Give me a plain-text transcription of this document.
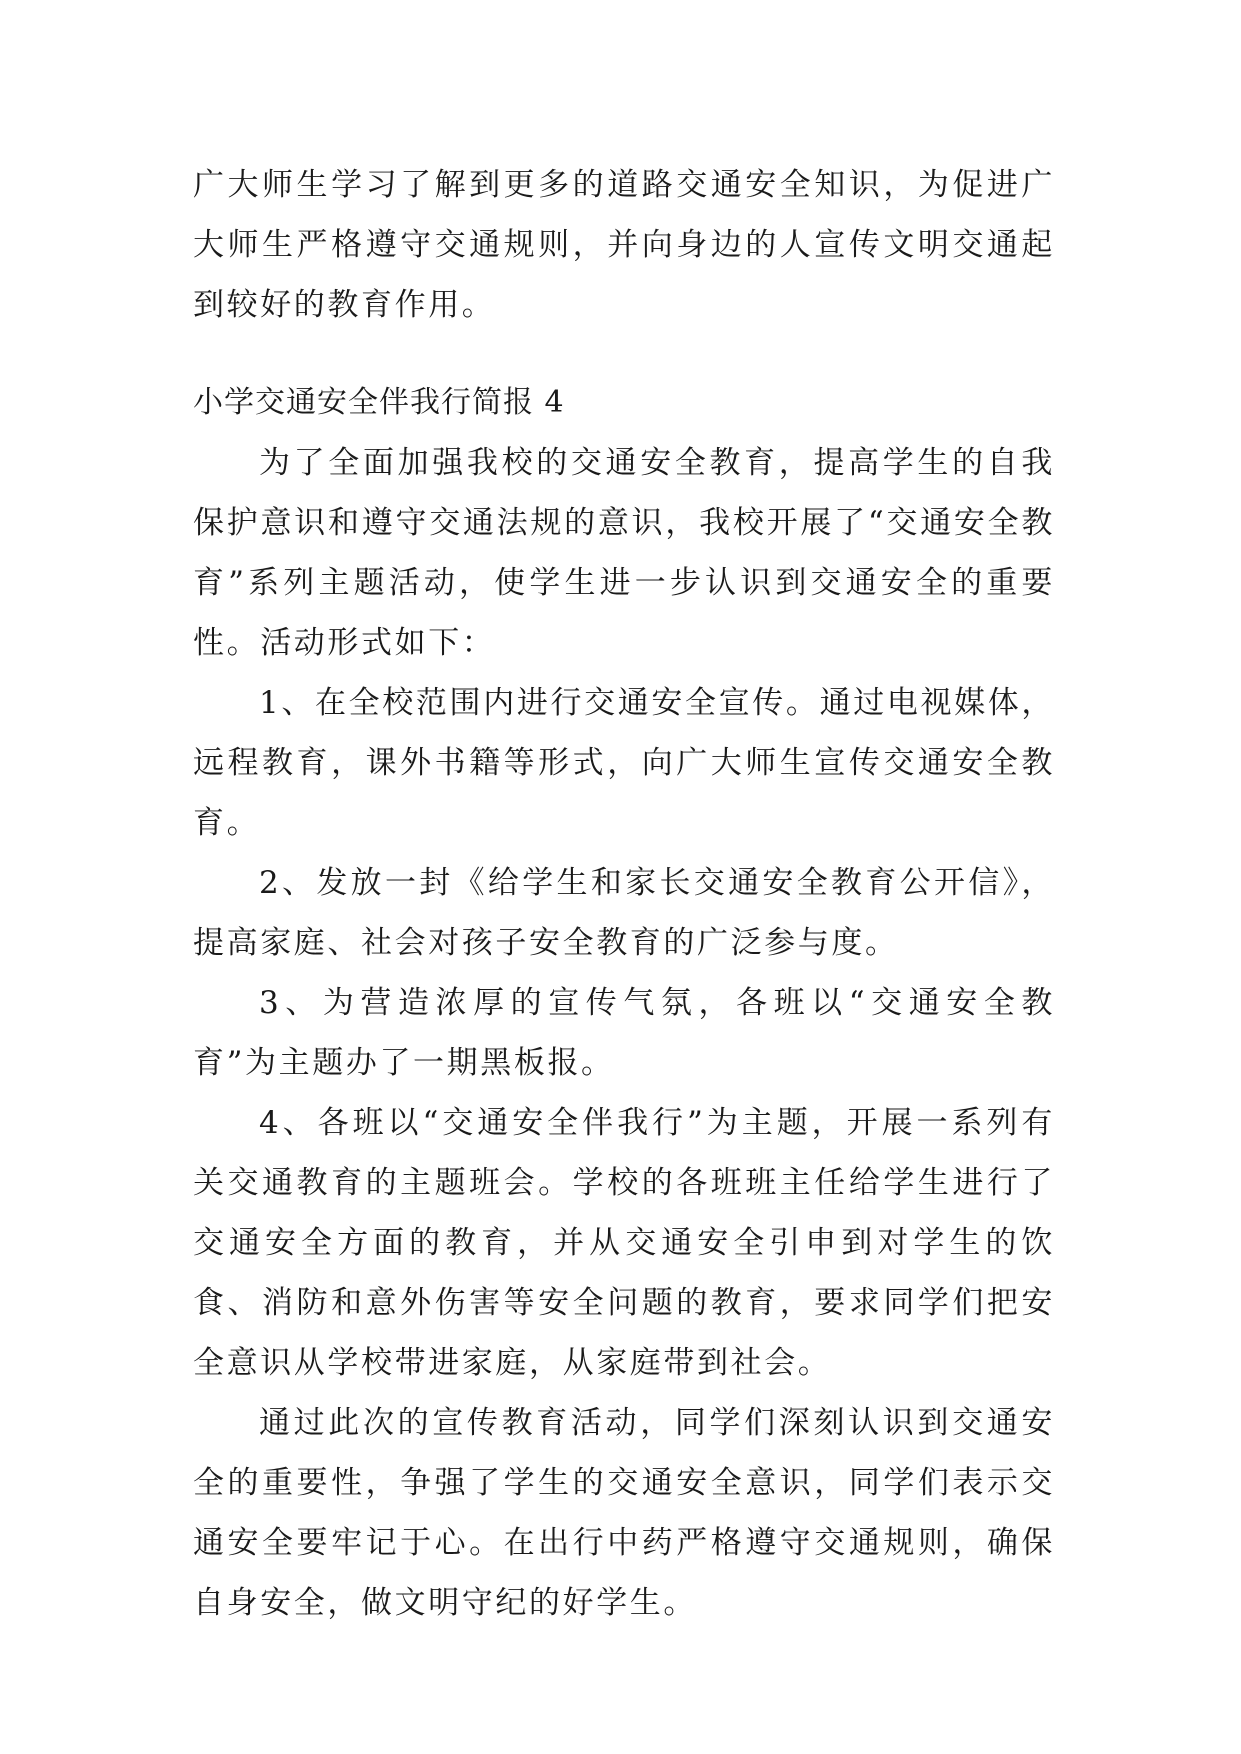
广大师生学习了解到更多的道路交通安全知识，为促进广大师生严格遵守交通规则，并向身边的人宣传文明交通起到较好的教育作用。

小学交通安全伴我行简报 4

为了全面加强我校的交通安全教育，提高学生的自我保护意识和遵守交通法规的意识，我校开展了“交通安全教育”系列主题活动，使学生进一步认识到交通安全的重要性。活动形式如下：

1、在全校范围内进行交通安全宣传。通过电视媒体，远程教育，课外书籍等形式，向广大师生宣传交通安全教育。

2、发放一封《给学生和家长交通安全教育公开信》，提高家庭、社会对孩子安全教育的广泛参与度。

3、为营造浓厚的宣传气氛，各班以“交通安全教育”为主题办了一期黑板报。

4、各班以“交通安全伴我行”为主题，开展一系列有关交通教育的主题班会。学校的各班班主任给学生进行了交通安全方面的教育，并从交通安全引申到对学生的饮食、消防和意外伤害等安全问题的教育，要求同学们把安全意识从学校带进家庭，从家庭带到社会。

通过此次的宣传教育活动，同学们深刻认识到交通安全的重要性，争强了学生的交通安全意识，同学们表示交通安全要牢记于心。在出行中药严格遵守交通规则，确保自身安全，做文明守纪的好学生。
